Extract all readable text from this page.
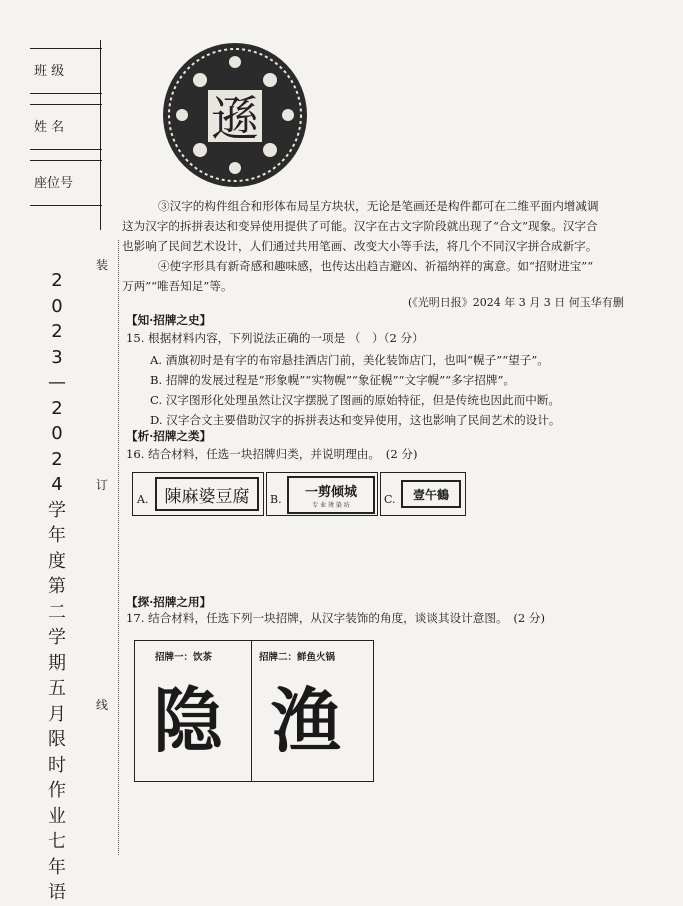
班 级
姓 名
座位号
装
订
线
2
0
2
3
—
2
0
2
4
学
年
度
第
二
学
期
五
月
限
时
作
业
七
年
语
遜
③汉字的构件组合和形体布局呈方块状，无论是笔画还是构件都可在二维平面内增减调
这为汉字的拆拼表达和变异使用提供了可能。汉字在古文字阶段就出现了“合文”现象。汉字合
也影响了民间艺术设计，人们通过共用笔画、改变大小等手法，将几个不同汉字拼合成新字。
④使字形具有新奇感和趣味感，也传达出趋吉避凶、祈福纳祥的寓意。如“招财进宝”“
万两”“唯吾知足”等。
(《光明日报》2024 年 3 月 3 日 何玉华有删
【知·招牌之史】
15. 根据材料内容，下列说法正确的一项是 （　）（2 分）
A. 酒旗初时是有字的布帘悬挂酒店门前，美化装饰店门，也叫“幌子”“望子”。
B. 招牌的发展过程是“形象幌”“实物幌”“象征幌”“文字幌”“多字招牌”。
C. 汉字图形化处理虽然让汉字摆脱了图画的原始特征，但是传统也因此而中断。
D. 汉字合文主要借助汉字的拆拼表达和变异使用，这也影响了民间艺术的设计。
【析·招牌之类】
16. 结合材料，任选一块招牌归类，并说明理由。　(2 分)
A. 陳麻婆豆腐 B. 一剪倾城
专 业 烫 染 坊	C. 壹午鶴
【探·招牌之用】
17. 结合材料，任选下列一块招牌，从汉字装饰的角度，谈谈其设计意图。　(2 分)
招牌一：饮茶
隐
招牌二：鲜鱼火锅
渔
